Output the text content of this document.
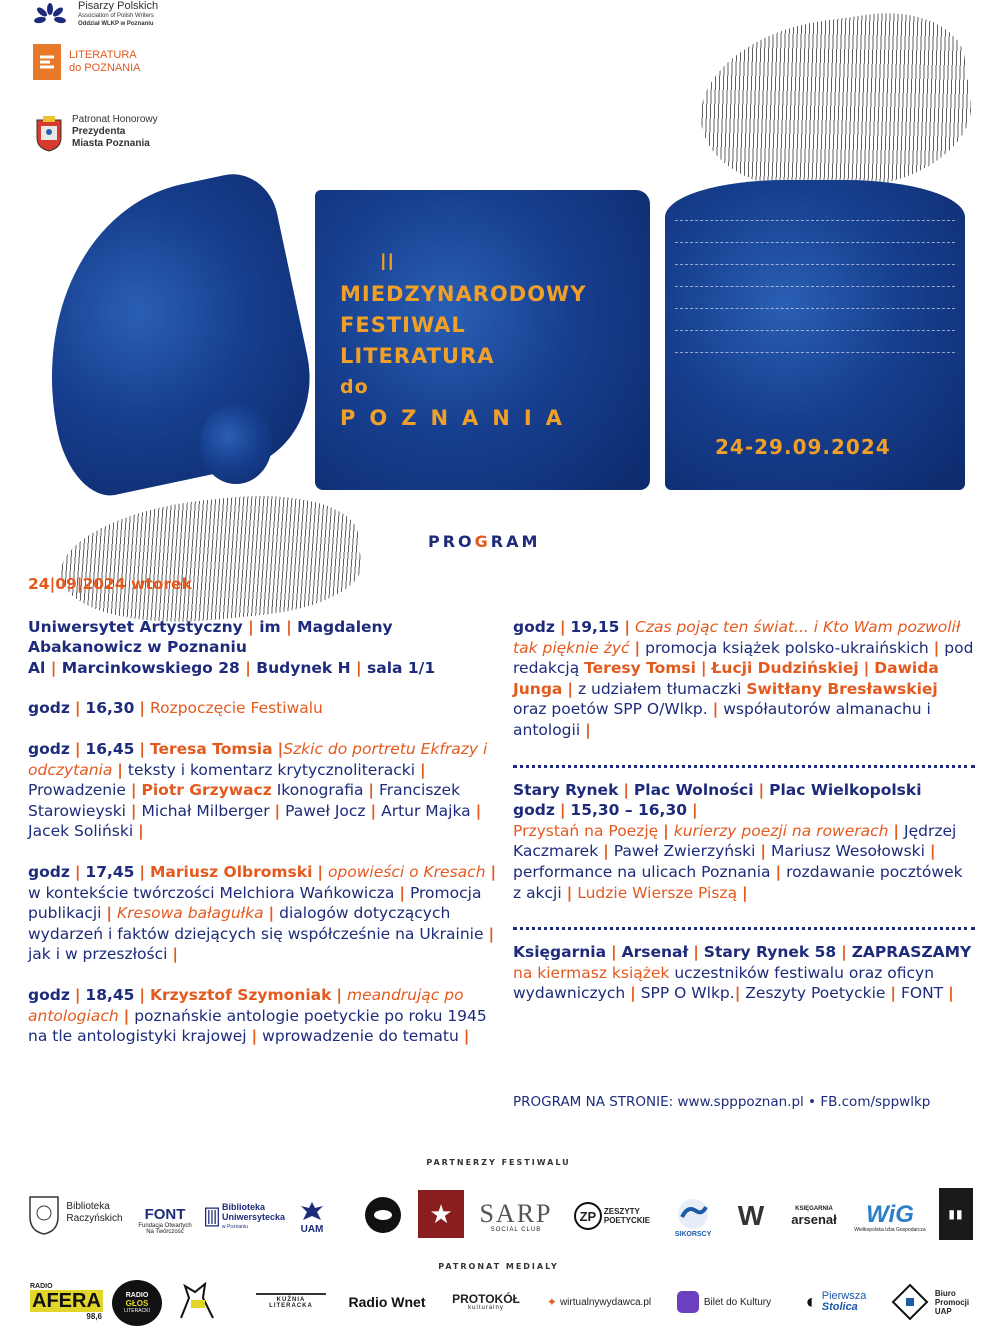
Pisarzy Polskich
Association of Polish Writers
Oddział WLKP w Poznaniu
LITERATURA
do POZNANIA
Patronat Honorowy
Prezydenta
Miasta Poznania
II
MIEDZYNARODOWY
FESTIWAL
LITERATURA
do
POZNANIA
24-29.09.2024
PROGRAM

24|09|2024 wtorek

Uniwersytet Artystyczny | im | Magdaleny
Abakanowicz w Poznaniu
Al | Marcinkowskiego 28 | Budynek H | sala 1/1

godz | 16,30 | Rozpoczęcie Festiwalu

godz | 16,45 | Teresa Tomsia |Szkic do portretu Ekfrazy i odczytania | teksty i komentarz krytycznoliteracki | Prowadzenie | Piotr Grzywacz Ikonografia | Franciszek Starowieyski | Michał Milberger | Paweł Jocz | Artur Majka | Jacek Soliński |

godz | 17,45 | Mariusz Olbromski | opowieści o Kresach | w kontekście twórczości Melchiora Wańkowicza | Promocja publikacji | Kresowa bałagułka | dialogów dotyczących wydarzeń i faktów dziejących się współcześnie na Ukrainie | jak i w przeszłości |

godz | 18,45 | Krzysztof Szymoniak | meandrując po antologiach | poznańskie antologie poetyckie po roku 1945 na tle antologistyki krajowej | wprowadzenie do tematu |

godz | 19,15 | Czas pojąc ten świat... i Kto Wam pozwolił tak pięknie żyć | promocja książek polsko-ukraińskich | pod redakcją Teresy Tomsi | Łucji Dudzińskiej | Dawida Junga | z udziałem tłumaczki Switłany Bresławskiej oraz poetów SPP O/Wlkp. | współautorów almanachu i antologii |

Stary Rynek | Plac Wolności | Plac Wielkopolski
godz | 15,30 – 16,30 |
Przystań na Poezję | kurierzy poezji na rowerach | Jędrzej Kaczmarek | Paweł Zwierzyński | Mariusz Wesołowski | performance na ulicach Poznania | rozdawanie pocztówek z akcji | Ludzie Wiersze Piszą |

Księgarnia | Arsenał | Stary Rynek 58 | ZAPRASZAMY na kiermasz książek uczestników festiwalu oraz oficyn wydawniczych | SPP O Wlkp.| Zeszyty Poetyckie | FONT |

PROGRAM NA STRONIE: www.spppoznan.pl • FB.com/sppwlkp
PARTNERZY FESTIWALU
Biblioteka
Raczyńskich FONT
Fundacja Otwartych
Na Twórczość
Biblioteka
Uniwersytecka
w Poznaniu	UAM
★ SARP
SOCIAL CLUB
ZP ZESZYTY
POETYCKIE
SIKORSCY
W	KSIĘGARNIA
arsenał WiG
Wielkopolska Izba Gospodarcza
▮▮
PATRONAT MEDIALY
RADIO
AFERA
98,6
RADIO
GŁOS
LITERACKI
KUŹNIA LITERACKA	Radio Wnet PROTOKÓŁ
kulturalny	✦ wirtualnywydawca.pl	Bilet do Kultury ◐ Pierwsza
Stolica
Biuro
Promocji
UAP
